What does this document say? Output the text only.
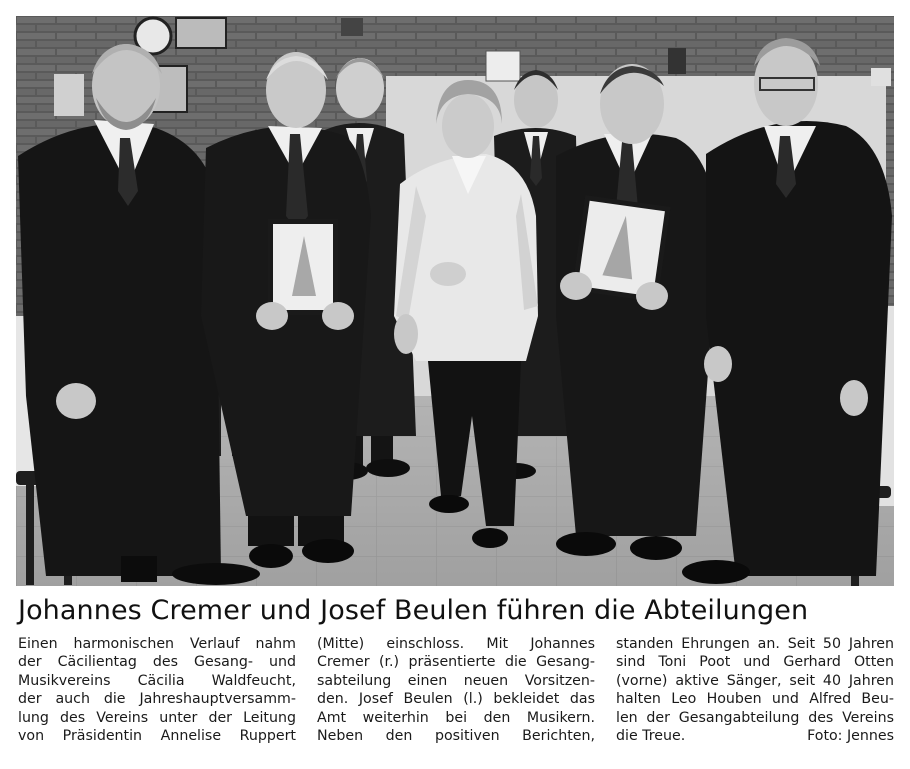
Johannes Cremer und Josef Beulen führen die Abteilungen
Einen harmonischen Verlauf nahm
der Cäcilientag des Gesang- und
Musikvereins Cäcilia Waldfeucht,
der auch die Jahreshauptversamm-
lung des Vereins unter der Leitung
von Präsidentin Annelise Ruppert
(Mitte) einschloss. Mit Johannes
Cremer (r.) präsentierte die Gesang-
sabteilung einen neuen Vorsitzen-
den. Josef Beulen (l.) bekleidet das
Amt weiterhin bei den Musikern.
Neben den positiven Berichten,
standen Ehrungen an. Seit 50 Jahren
sind Toni Poot und Gerhard Otten
(vorne) aktive Sänger, seit 40 Jahren
halten Leo Houben und Alfred Beu-
len der Gesangabteilung des Vereins
die Treue.	Foto: Jennes
